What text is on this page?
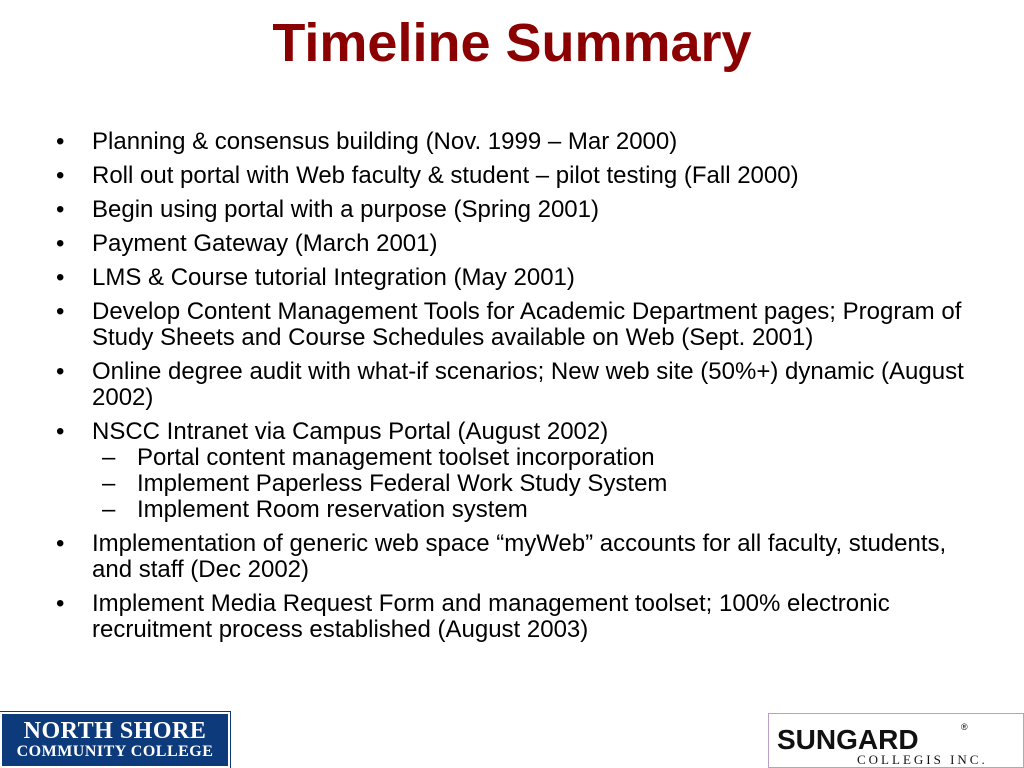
Timeline Summary
• Planning & consensus building (Nov. 1999 – Mar 2000)
• Roll out portal with Web faculty & student – pilot testing (Fall 2000)
• Begin using portal with a purpose (Spring 2001)
• Payment Gateway (March 2001)
• LMS & Course tutorial Integration (May 2001)
• Develop Content Management Tools for Academic Department pages; Program of Study Sheets and Course Schedules available on Web (Sept. 2001)
• Online degree audit with what-if scenarios; New web site (50%+) dynamic (August 2002)
• NSCC Intranet via Campus Portal (August 2002)
– Portal content management toolset incorporation
– Implement Paperless Federal Work Study System
– Implement Room reservation system
• Implementation of generic web space “myWeb” accounts for all faculty, students, and staff (Dec 2002)
• Implement Media Request Form and management toolset; 100% electronic recruitment process established (August 2003)
NORTH SHORE
COMMUNITY COLLEGE	SUNGARD	®
COLLEGIS INC.
